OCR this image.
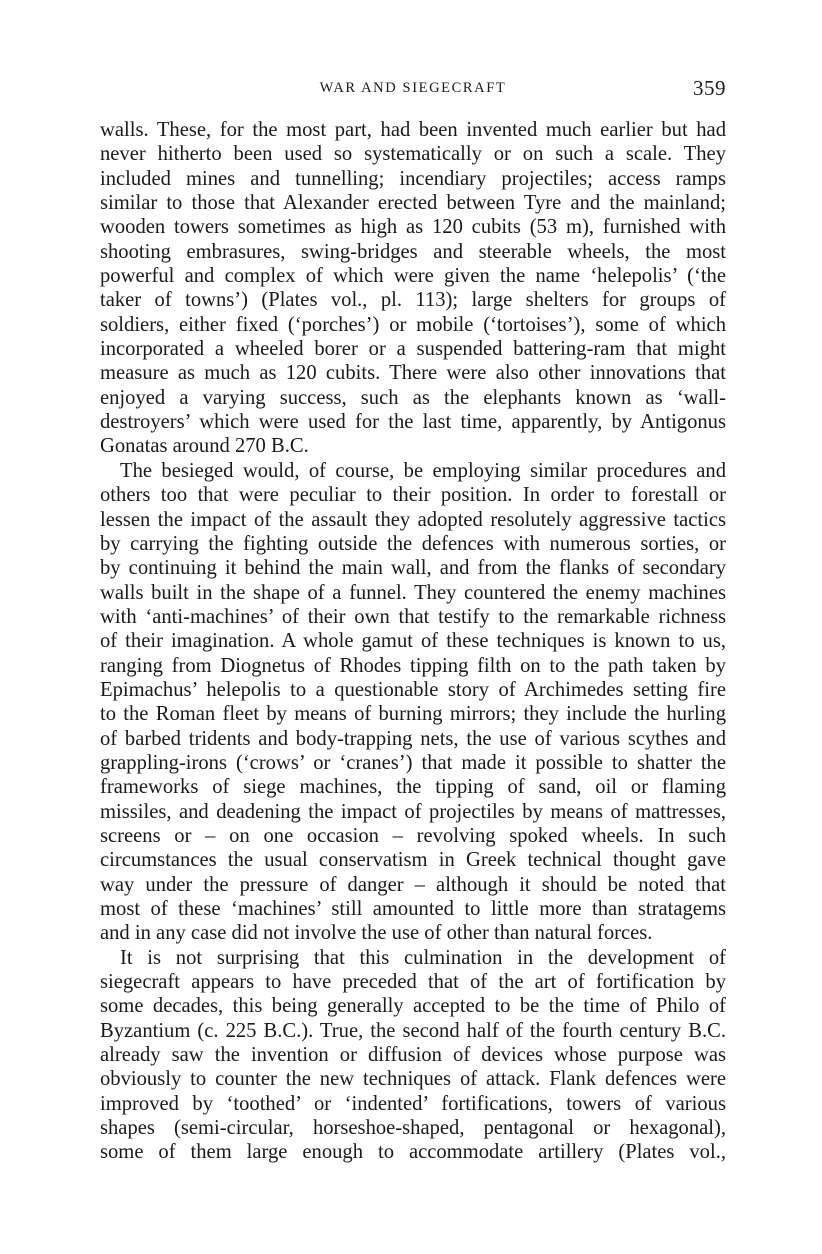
WAR AND SIEGECRAFT	359
walls. These, for the most part, had been invented much earlier but had
never hitherto been used so systematically or on such a scale. They
included mines and tunnelling; incendiary projectiles; access ramps
similar to those that Alexander erected between Tyre and the mainland;
wooden towers sometimes as high as 120 cubits (53 m), furnished with
shooting embrasures, swing-bridges and steerable wheels, the most
powerful and complex of which were given the name ‘helepolis’ (‘the
taker of towns’) (Plates vol., pl. 113); large shelters for groups of
soldiers, either fixed (‘porches’) or mobile (‘tortoises’), some of which
incorporated a wheeled borer or a suspended battering-ram that might
measure as much as 120 cubits. There were also other innovations that
enjoyed a varying success, such as the elephants known as ‘wall-
destroyers’ which were used for the last time, apparently, by Antigonus
Gonatas around 270 B.C.
The besieged would, of course, be employing similar procedures and
others too that were peculiar to their position. In order to forestall or
lessen the impact of the assault they adopted resolutely aggressive tactics
by carrying the fighting outside the defences with numerous sorties, or
by continuing it behind the main wall, and from the flanks of secondary
walls built in the shape of a funnel. They countered the enemy machines
with ‘anti-machines’ of their own that testify to the remarkable richness
of their imagination. A whole gamut of these techniques is known to us,
ranging from Diognetus of Rhodes tipping filth on to the path taken by
Epimachus’ helepolis to a questionable story of Archimedes setting fire
to the Roman fleet by means of burning mirrors; they include the hurling
of barbed tridents and body-trapping nets, the use of various scythes and
grappling-irons (‘crows’ or ‘cranes’) that made it possible to shatter the
frameworks of siege machines, the tipping of sand, oil or flaming
missiles, and deadening the impact of projectiles by means of mattresses,
screens or – on one occasion – revolving spoked wheels. In such
circumstances the usual conservatism in Greek technical thought gave
way under the pressure of danger – although it should be noted that
most of these ‘machines’ still amounted to little more than stratagems
and in any case did not involve the use of other than natural forces.
It is not surprising that this culmination in the development of
siegecraft appears to have preceded that of the art of fortification by
some decades, this being generally accepted to be the time of Philo of
Byzantium (c. 225 B.C.). True, the second half of the fourth century B.C.
already saw the invention or diffusion of devices whose purpose was
obviously to counter the new techniques of attack. Flank defences were
improved by ‘toothed’ or ‘indented’ fortifications, towers of various
shapes (semi-circular, horseshoe-shaped, pentagonal or hexagonal),
some of them large enough to accommodate artillery (Plates vol.,
